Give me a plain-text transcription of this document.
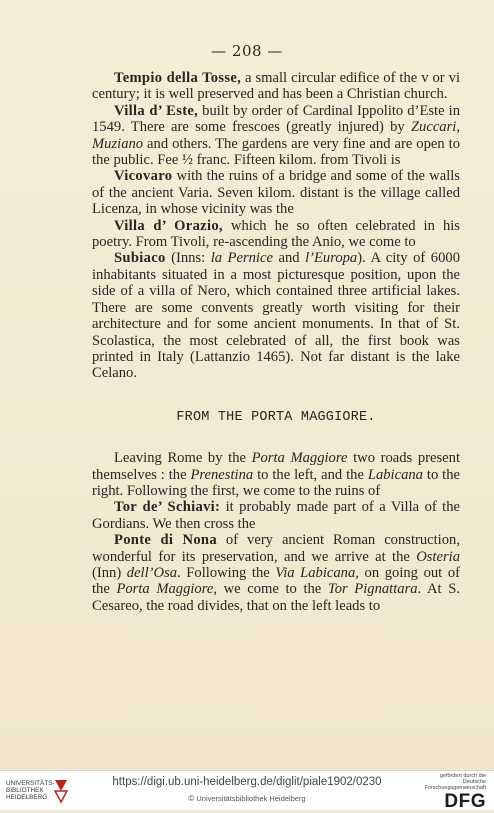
— 208 —

Tempio della Tosse, a small circular edifice of the v or vi century; it is well preserved and has been a Christian church.

Villa d’ Este, built by order of Cardinal Ippolito d’Este in 1549. There are some frescoes (greatly injured) by Zuccari, Muziano and others. The gardens are very fine and are open to the public. Fee ½ franc. Fifteen kilom. from Tivoli is

Vicovaro with the ruins of a bridge and some of the walls of the ancient Varia. Seven kilom. distant is the village called Licenza, in whose vicinity was the

Villa d’ Orazio, which he so often celebrated in his poetry. From Tivoli, re-ascending the Anio, we come to

Subiaco (Inns: la Pernice and l’Europa). A city of 6000 inhabitants situated in a most picturesque position, upon the side of a villa of Nero, which contained three artificial lakes. There are some convents greatly worth visiting for their architecture and for some ancient monuments. In that of St. Scolastica, the most celebrated of all, the first book was printed in Italy (Lattanzio 1465). Not far distant is the lake Celano.

FROM THE PORTA MAGGIORE.

Leaving Rome by the Porta Maggiore two roads present themselves : the Prenestina to the left, and the Labicana to the right. Following the first, we come to the ruins of

Tor de’ Schiavi: it probably made part of a Villa of the Gordians. We then cross the

Ponte di Nona of very ancient Roman construction, wonderful for its preservation, and we arrive at the Osteria (Inn) dell’Osa. Following the Via Labicana, on going out of the Porta Maggiore, we come to the Tor Pignattara. At S. Cesareo, the road divides, that on the left leads to

UNIVERSITÄTS-
BIBLIOTHEK
HEIDELBERG
https://digi.ub.uni-heidelberg.de/diglit/piale1902/0230
© Universitätsbibliothek Heidelberg
gefördert durch die
Deutsche
Forschungsgemeinschaft
DFG
